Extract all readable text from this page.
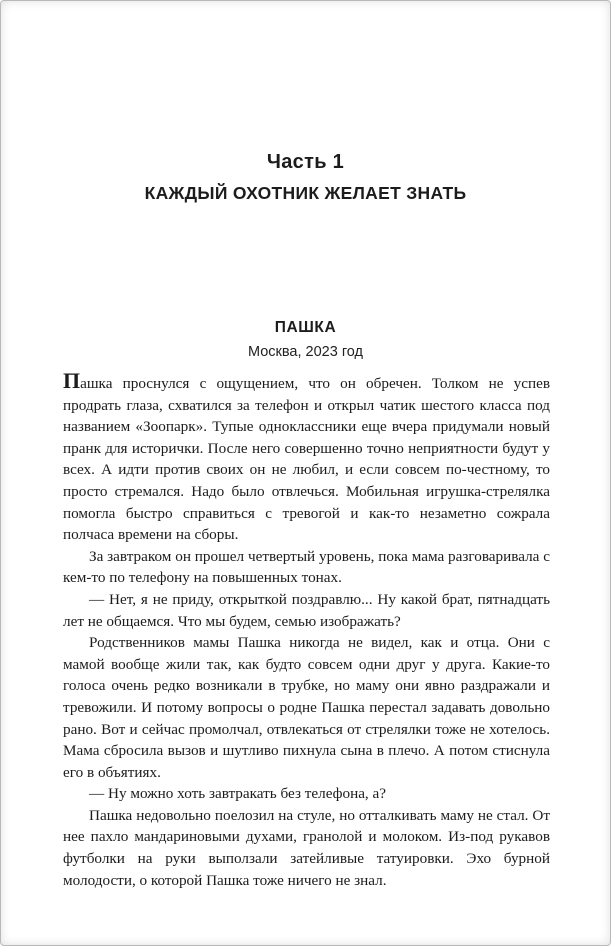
Часть 1
КАЖДЫЙ ОХОТНИК ЖЕЛАЕТ ЗНАТЬ
ПАШКА
Москва, 2023 год

Пашка проснулся с ощущением, что он обречен. Толком не успев продрать глаза, схватился за телефон и открыл чатик шестого класса под названием «Зоопарк». Тупые одноклассники еще вчера придумали новый пранк для исторички. После него совершенно точно неприятности будут у всех. А идти против своих он не любил, и если совсем по-честному, то просто стремался. Надо было отвлечься. Мобильная игрушка-стрелялка помогла быстро справиться с тревогой и как-то незаметно сожрала полчаса времени на сборы.

За завтраком он прошел четвертый уровень, пока мама разговаривала с кем-то по телефону на повышенных тонах.

— Нет, я не приду, открыткой поздравлю... Ну какой брат, пятнадцать лет не общаемся. Что мы будем, семью изображать?

Родственников мамы Пашка никогда не видел, как и отца. Они с мамой вообще жили так, как будто совсем одни друг у друга. Какие-то голоса очень редко возникали в трубке, но маму они явно раздражали и тревожили. И потому вопросы о родне Пашка перестал задавать довольно рано. Вот и сейчас промолчал, отвлекаться от стрелялки тоже не хотелось. Мама сбросила вызов и шутливо пихнула сына в плечо. А потом стиснула его в объятиях.

— Ну можно хоть завтракать без телефона, а?

Пашка недовольно поелозил на стуле, но отталкивать маму не стал. От нее пахло мандариновыми духами, гранолой и молоком. Из-под рукавов футболки на руки выползали затейливые татуировки. Эхо бурной молодости, о которой Пашка тоже ничего не знал.
